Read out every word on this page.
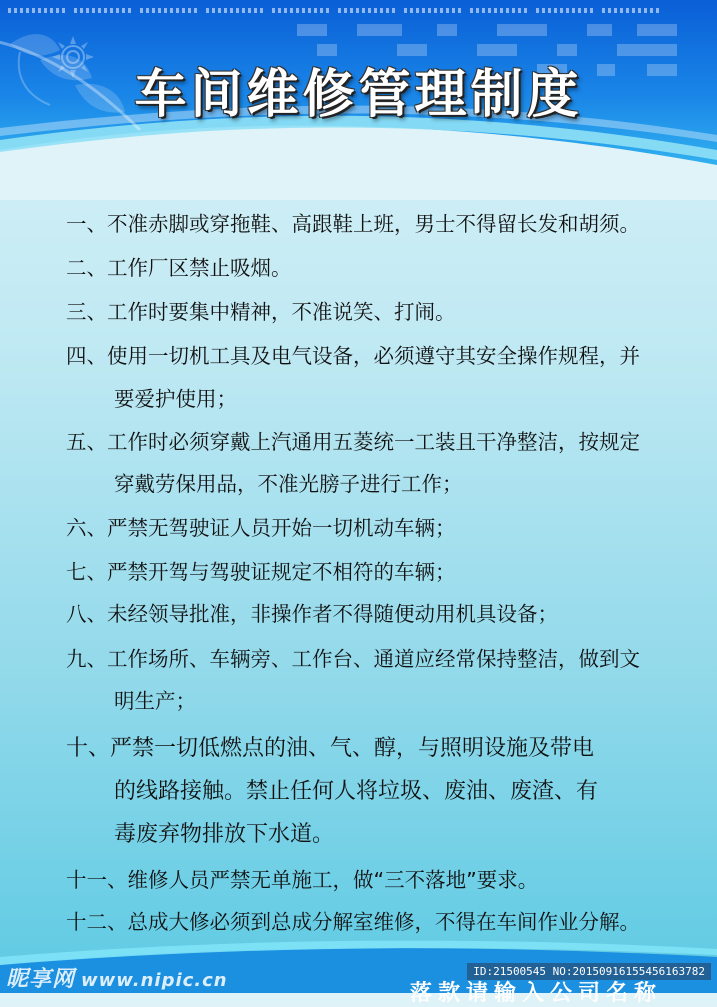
车间维修管理制度
一、 不准赤脚或穿拖鞋、高跟鞋上班，男士不得留长发和胡须。
二、 工作厂区禁止吸烟。
三、 工作时要集中精神，不准说笑、打闹。
四、 使用一切机工具及电气设备，必须遵守其安全操作规程，并
要爱护使用；
五、 工作时必须穿戴上汽通用五菱统一工装且干净整洁，按规定
穿戴劳保用品，不准光膀子进行工作；
六、 严禁无驾驶证人员开始一切机动车辆；
七、 严禁开驾与驾驶证规定不相符的车辆；
八、 未经领导批准，非操作者不得随便动用机具设备；
九、 工作场所、车辆旁、工作台、通道应经常保持整洁，做到文
明生产；
十、 严禁一切低燃点的油、气、醇，与照明设施及带电
的线路接触。禁止任何人将垃圾、废油、废渣、有
毒废弃物排放下水道。
十一、 维修人员严禁无单施工，做“三不落地”要求。
十二、 总成大修必须到总成分解室维修，不得在车间作业分解。
昵享网 www.nipic.cn	ID:21500545 NO:20150916155456163782
落款请输入公司名称
